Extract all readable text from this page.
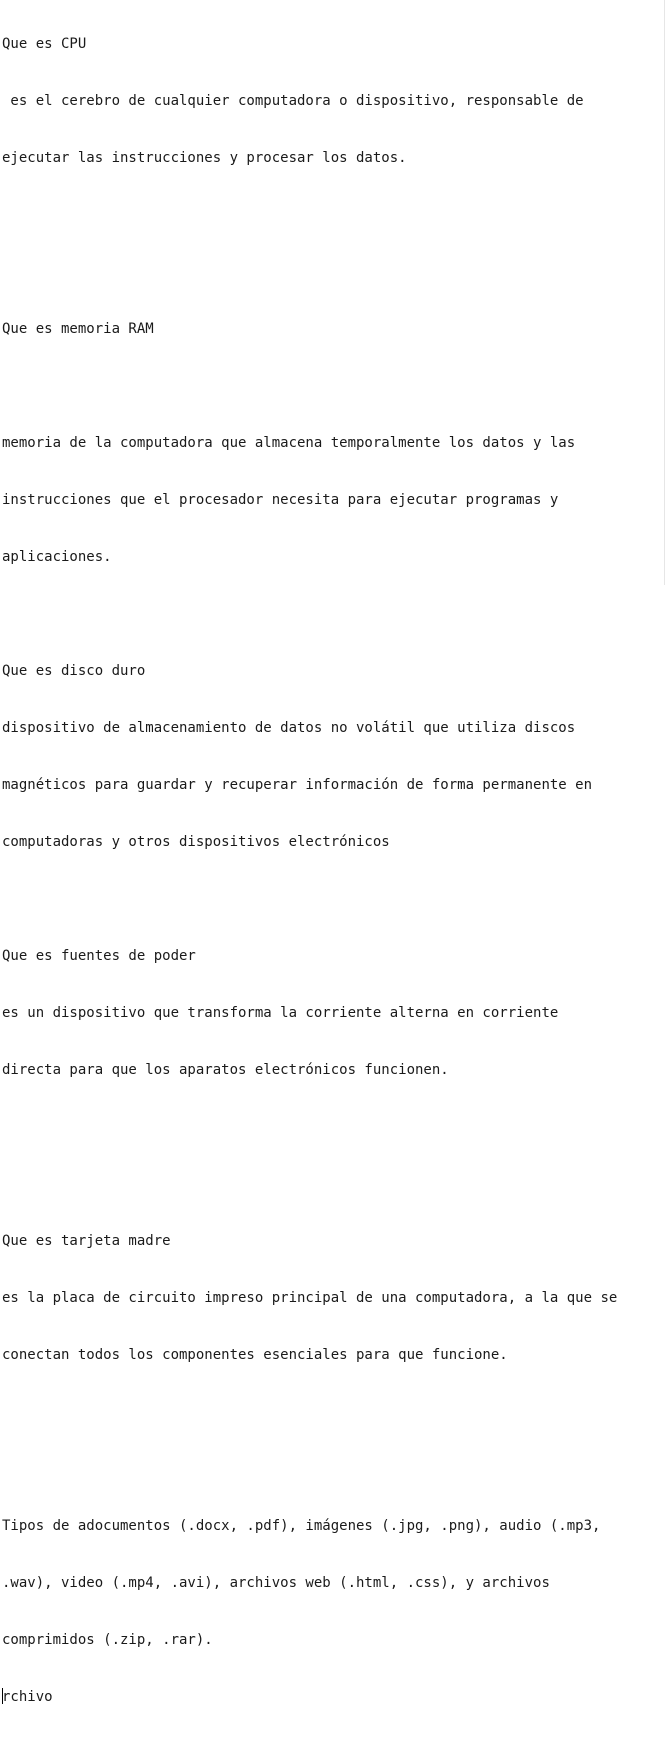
Que es CPU

es el cerebro de cualquier computadora o dispositivo, responsable de

ejecutar las instrucciones y procesar los datos.

Que es memoria RAM

memoria de la computadora que almacena temporalmente los datos y las

instrucciones que el procesador necesita para ejecutar programas y

aplicaciones.

Que es disco duro

dispositivo de almacenamiento de datos no volátil que utiliza discos

magnéticos para guardar y recuperar información de forma permanente en

computadoras y otros dispositivos electrónicos

Que es fuentes de poder

es un dispositivo que transforma la corriente alterna en corriente

directa para que los aparatos electrónicos funcionen.

Que es tarjeta madre

es la placa de circuito impreso principal de una computadora, a la que se

conectan todos los componentes esenciales para que funcione.

Tipos de adocumentos (.docx, .pdf), imágenes (.jpg, .png), audio (.mp3,

.wav), video (.mp4, .avi), archivos web (.html, .css), y archivos

comprimidos (.zip, .rar).

rchivo
